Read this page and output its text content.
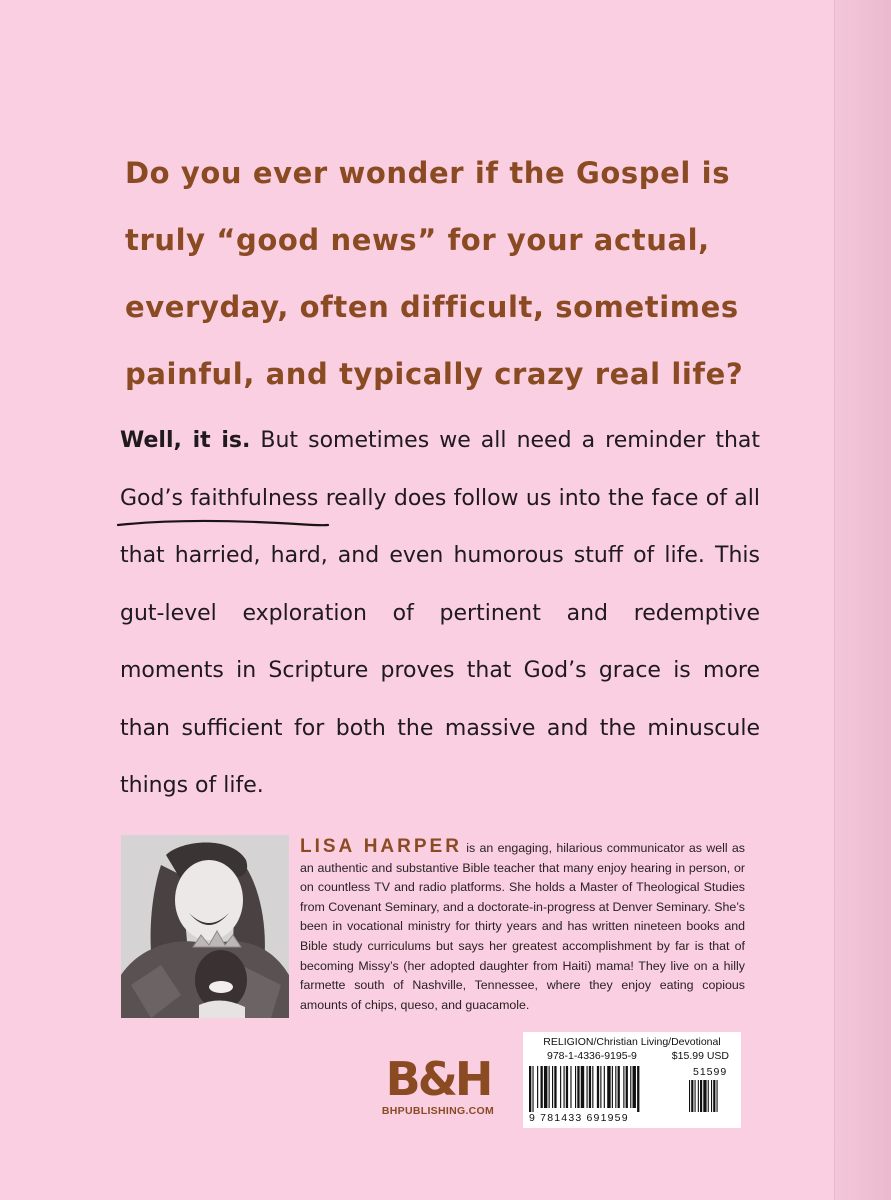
Do you ever wonder if the Gospel is truly “good news” for your actual, everyday, often difficult, sometimes painful, and typically crazy real life?

Well, it is. But sometimes we all need a reminder that God’s faithfulness
really does follow us into the face of all that harried, hard, and even humorous stuff of life. This gut-level exploration of pertinent and redemptive moments in Scripture proves that God’s grace is more than sufficient for both the massive and the minuscule things of life.

LISA HARPER is an engaging, hilarious communicator as well as an authentic and substantive Bible teacher that many enjoy hearing in person, or on countless TV and radio platforms. She holds a Master of Theological Studies from Covenant Seminary, and a doctorate-in-progress at Denver Seminary. She’s been in vocational ministry for thirty years and has written nineteen books and Bible study curriculums but says her greatest accomplishment by far is that of becoming Missy’s (her adopted daughter from Haiti) mama! They live on a hilly farmette south of Nashville, Tennessee, where they enjoy eating copious amounts of chips, queso, and guacamole.

B&H
BHPUBLISHING.COM
RELIGION/Christian Living/Devotional
978-1-4336-9195-9	$15.99 USD
51599
9 781433 691959
